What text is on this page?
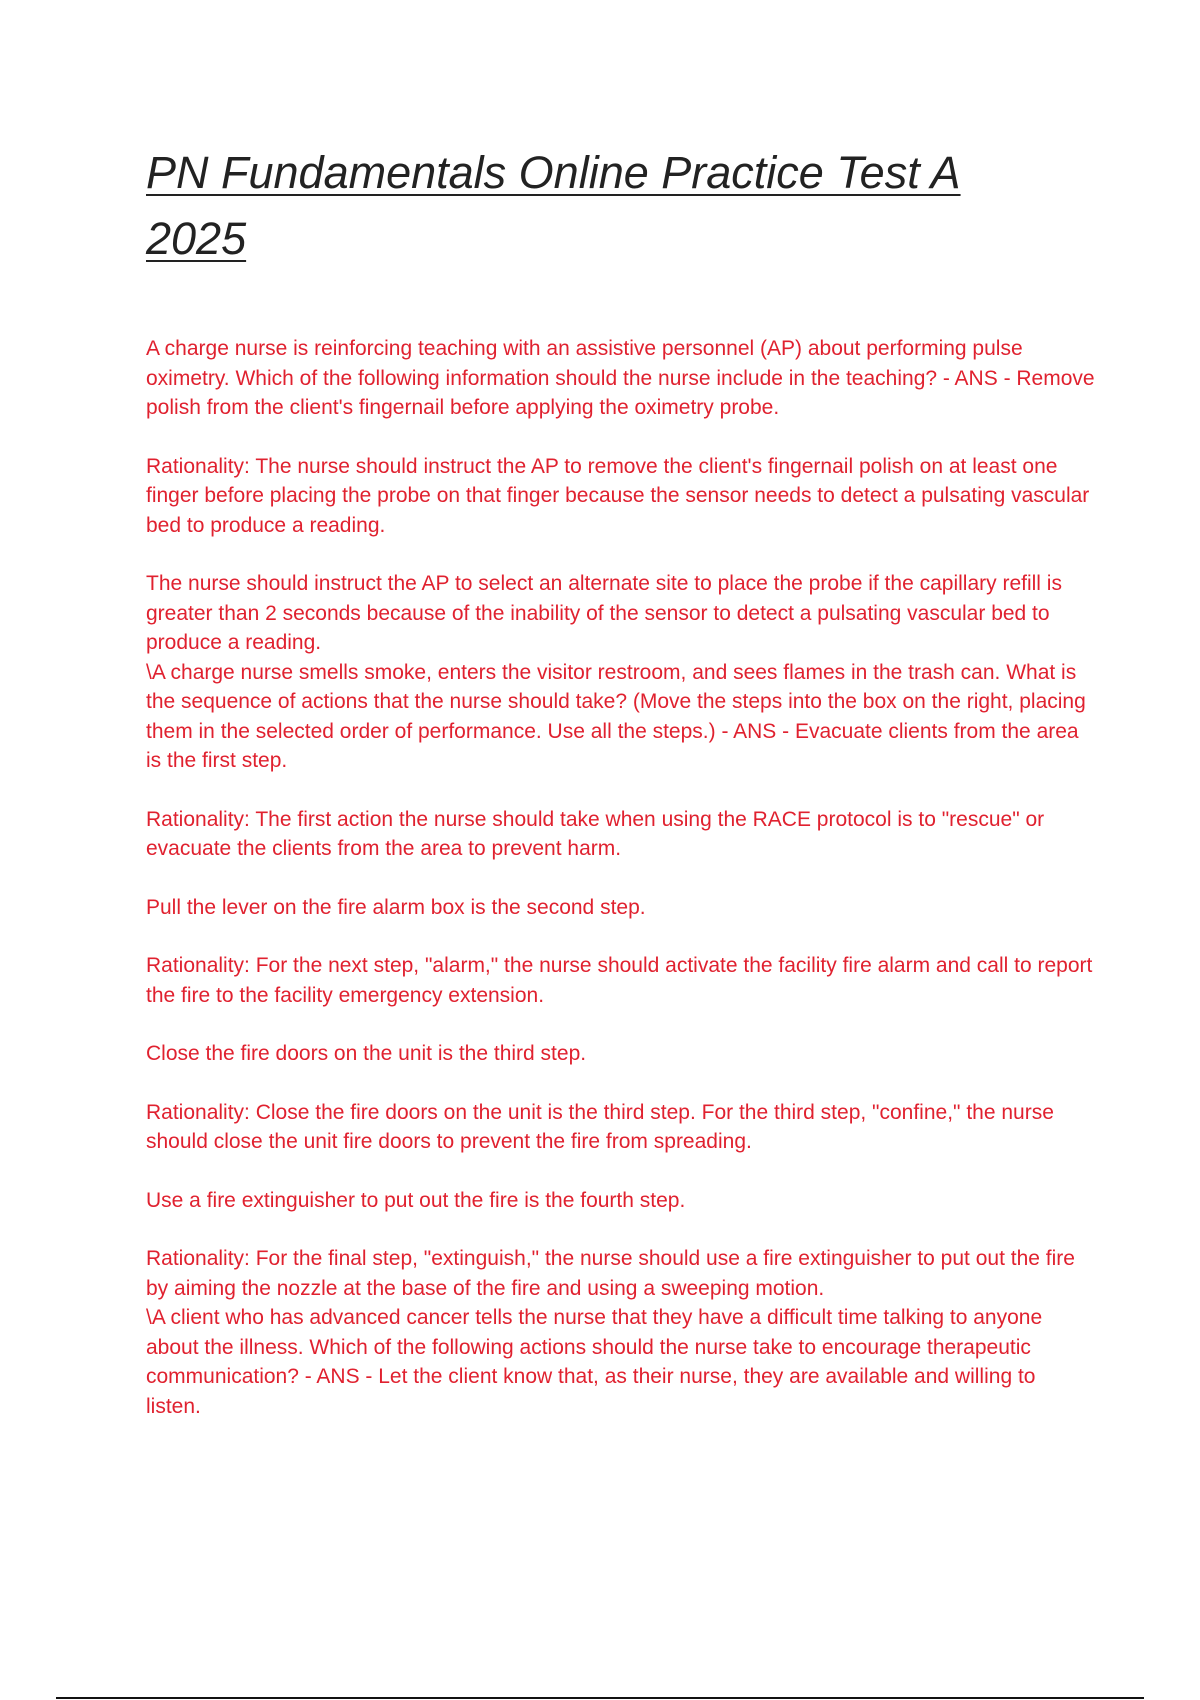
PN Fundamentals Online Practice Test A 2025

A charge nurse is reinforcing teaching with an assistive personnel (AP) about performing pulse oximetry. Which of the following information should the nurse include in the teaching? - ANS - Remove polish from the client's fingernail before applying the oximetry probe.

Rationality: The nurse should instruct the AP to remove the client's fingernail polish on at least one finger before placing the probe on that finger because the sensor needs to detect a pulsating vascular bed to produce a reading.

The nurse should instruct the AP to select an alternate site to place the probe if the capillary refill is greater than 2 seconds because of the inability of the sensor to detect a pulsating vascular bed to produce a reading.

\A charge nurse smells smoke, enters the visitor restroom, and sees flames in the trash can. What is the sequence of actions that the nurse should take? (Move the steps into the box on the right, placing them in the selected order of performance. Use all the steps.) - ANS - Evacuate clients from the area is the first step.

Rationality: The first action the nurse should take when using the RACE protocol is to "rescue" or evacuate the clients from the area to prevent harm.

Pull the lever on the fire alarm box is the second step.

Rationality: For the next step, "alarm," the nurse should activate the facility fire alarm and call to report the fire to the facility emergency extension.

Close the fire doors on the unit is the third step.

Rationality: Close the fire doors on the unit is the third step. For the third step, "confine," the nurse should close the unit fire doors to prevent the fire from spreading.

Use a fire extinguisher to put out the fire is the fourth step.

Rationality: For the final step, "extinguish," the nurse should use a fire extinguisher to put out the fire by aiming the nozzle at the base of the fire and using a sweeping motion.

\A client who has advanced cancer tells the nurse that they have a difficult time talking to anyone about the illness. Which of the following actions should the nurse take to encourage therapeutic communication? - ANS - Let the client know that, as their nurse, they are available and willing to listen.
